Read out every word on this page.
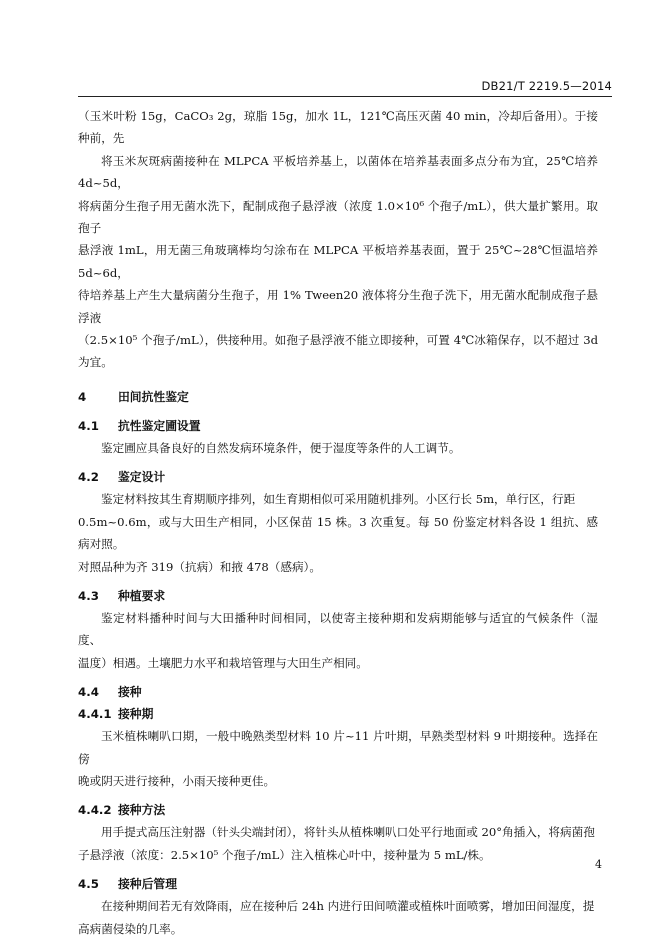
DB21/T 2219.5—2014

（玉米叶粉 15g，CaCO₃ 2g，琼脂 15g，加水 1L，121℃高压灭菌 40 min，冷却后备用）。于接种前，先

将玉米灰斑病菌接种在 MLPCA 平板培养基上，以菌体在培养基表面多点分布为宜，25℃培养 4d~5d，

将病菌分生孢子用无菌水洗下，配制成孢子悬浮液（浓度 1.0×10⁶ 个孢子/mL），供大量扩繁用。取孢子

悬浮液 1mL，用无菌三角玻璃棒均匀涂布在 MLPCA 平板培养基表面，置于 25℃~28℃恒温培养 5d~6d，

待培养基上产生大量病菌分生孢子，用 1% Tween20 液体将分生孢子洗下，用无菌水配制成孢子悬浮液

（2.5×10⁵ 个孢子/mL），供接种用。如孢子悬浮液不能立即接种，可置 4℃冰箱保存，以不超过 3d 为宜。

4	田间抗性鉴定
4.1 抗性鉴定圃设置

鉴定圃应具备良好的自然发病环境条件，便于湿度等条件的人工调节。

4.2 鉴定设计

鉴定材料按其生育期顺序排列，如生育期相似可采用随机排列。小区行长 5m，单行区，行距

0.5m~0.6m，或与大田生产相同，小区保苗 15 株。3 次重复。每 50 份鉴定材料各设 1 组抗、感病对照。

对照品种为齐 319（抗病）和掖 478（感病）。

4.3 种植要求

鉴定材料播种时间与大田播种时间相同，以使寄主接种期和发病期能够与适宜的气候条件（湿度、

温度）相遇。土壤肥力水平和栽培管理与大田生产相同。

4.4 接种
4.4.1 接种期

玉米植株喇叭口期，一般中晚熟类型材料 10 片~11 片叶期，早熟类型材料 9 叶期接种。选择在傍

晚或阴天进行接种，小雨天接种更佳。

4.4.2 接种方法

用手提式高压注射器（针头尖端封闭），将针头从植株喇叭口处平行地面或 20°角插入，将病菌孢

子悬浮液（浓度：2.5×10⁵ 个孢子/mL）注入植株心叶中，接种量为 5 mL/株。

4.5 接种后管理

在接种期间若无有效降雨，应在接种后 24h 内进行田间喷灌或植株叶面喷雾，增加田间湿度，提

高病菌侵染的几率。

4
